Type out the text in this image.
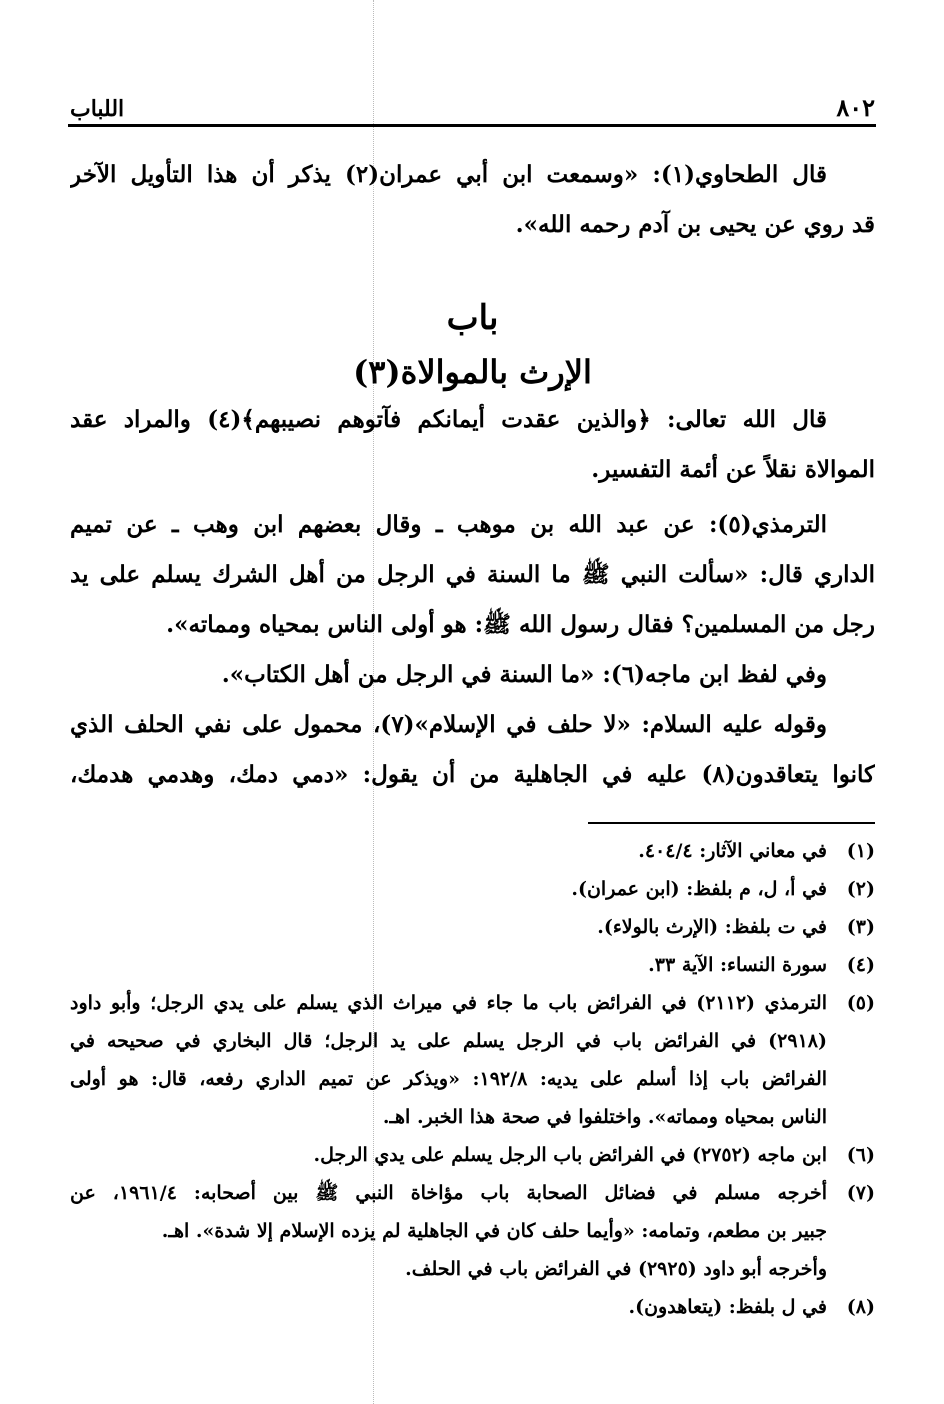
٨٠٢
اللباب
قال الطحاوي(١): «وسمعت ابن أبي عمران(٢) يذكر أن هذا التأويل الآخر
قد روي عن يحيى بن آدم رحمه الله».
باب
الإرث بالموالاة(٣)
قال الله تعالى: ﴿والذين عقدت أيمانكم فآتوهم نصيبهم﴾(٤) والمراد عقد
الموالاة نقلاً عن أئمة التفسير.
الترمذي(٥): عن عبد الله بن موهب ـ وقال بعضهم ابن وهب ـ عن تميم
الداري قال: «سألت النبي ﷺ ما السنة في الرجل من أهل الشرك يسلم على يد
رجل من المسلمين؟ فقال رسول الله ﷺ: هو أولى الناس بمحياه ومماته».
وفي لفظ ابن ماجه(٦): «ما السنة في الرجل من أهل الكتاب».
وقوله عليه السلام: «لا حلف في الإسلام»(٧)، محمول على نفي الحلف الذي
كانوا يتعاقدون(٨) عليه في الجاهلية من أن يقول: «دمي دمك، وهدمي هدمك،
(١)
في معاني الآثار: ٤٠٤/٤.
(٢)
في أ، ل، م بلفظ: (ابن عمران).
(٣)
في ت بلفظ: (الإرث بالولاء).
(٤)
سورة النساء: الآية ٣٣.
(٥)
الترمذي (٢١١٢) في الفرائض باب ما جاء في ميراث الذي يسلم على يدي الرجل؛ وأبو داود
(٢٩١٨) في الفرائض باب في الرجل يسلم على يد الرجل؛ قال البخاري في صحيحه في
الفرائض باب إذا أسلم على يديه: ١٩٢/٨: «ويذكر عن تميم الداري رفعه، قال: هو أولى
الناس بمحياه ومماته». واختلفوا في صحة هذا الخبر. اهـ.
(٦)
ابن ماجه (٢٧٥٢) في الفرائض باب الرجل يسلم على يدي الرجل.
(٧)
أخرجه مسلم في فضائل الصحابة باب مؤاخاة النبي ﷺ بين أصحابه: ١٩٦١/٤، عن
جبير بن مطعم، وتمامه: «وأيما حلف كان في الجاهلية لم يزده الإسلام إلا شدة». اهـ.
وأخرجه أبو داود (٢٩٢٥) في الفرائض باب في الحلف.
(٨)
في ل بلفظ: (يتعاهدون).
